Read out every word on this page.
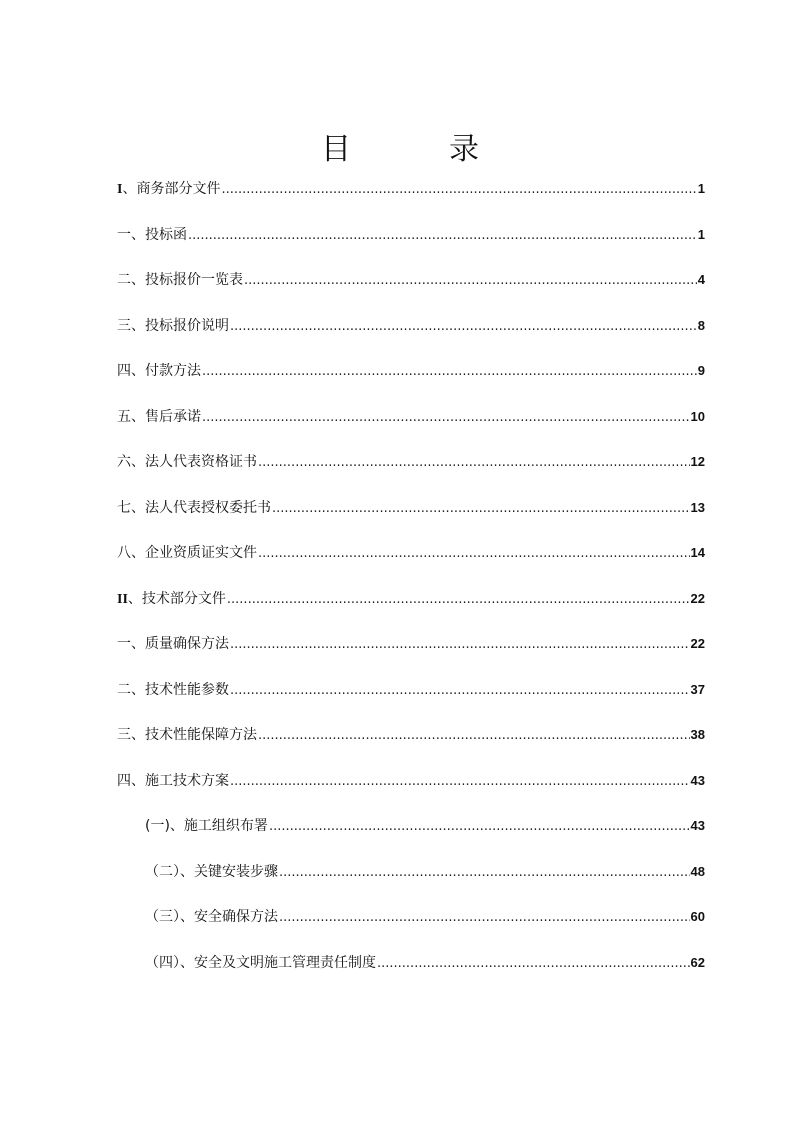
目　录
I、商务部分文件 .....	1
一、投标函 .....	1
二、投标报价一览表 .....	4
三、投标报价说明 .....	8
四、付款方法 .....	9
五、售后承诺 .....	10
六、法人代表资格证书 .....	12
七、法人代表授权委托书 .....	13
八、企业资质证实文件 .....	14
II、技术部分文件 .....	22
一、质量确保方法 .....	22
二、技术性能参数 .....	37
三、技术性能保障方法 .....	38
四、施工技术方案 .....	43
(一)、施工组织布署 .....	43
（二）、关键安装步骤 .....	48
（三）、安全确保方法 .....	60
（四）、安全及文明施工管理责任制度 .....	62
